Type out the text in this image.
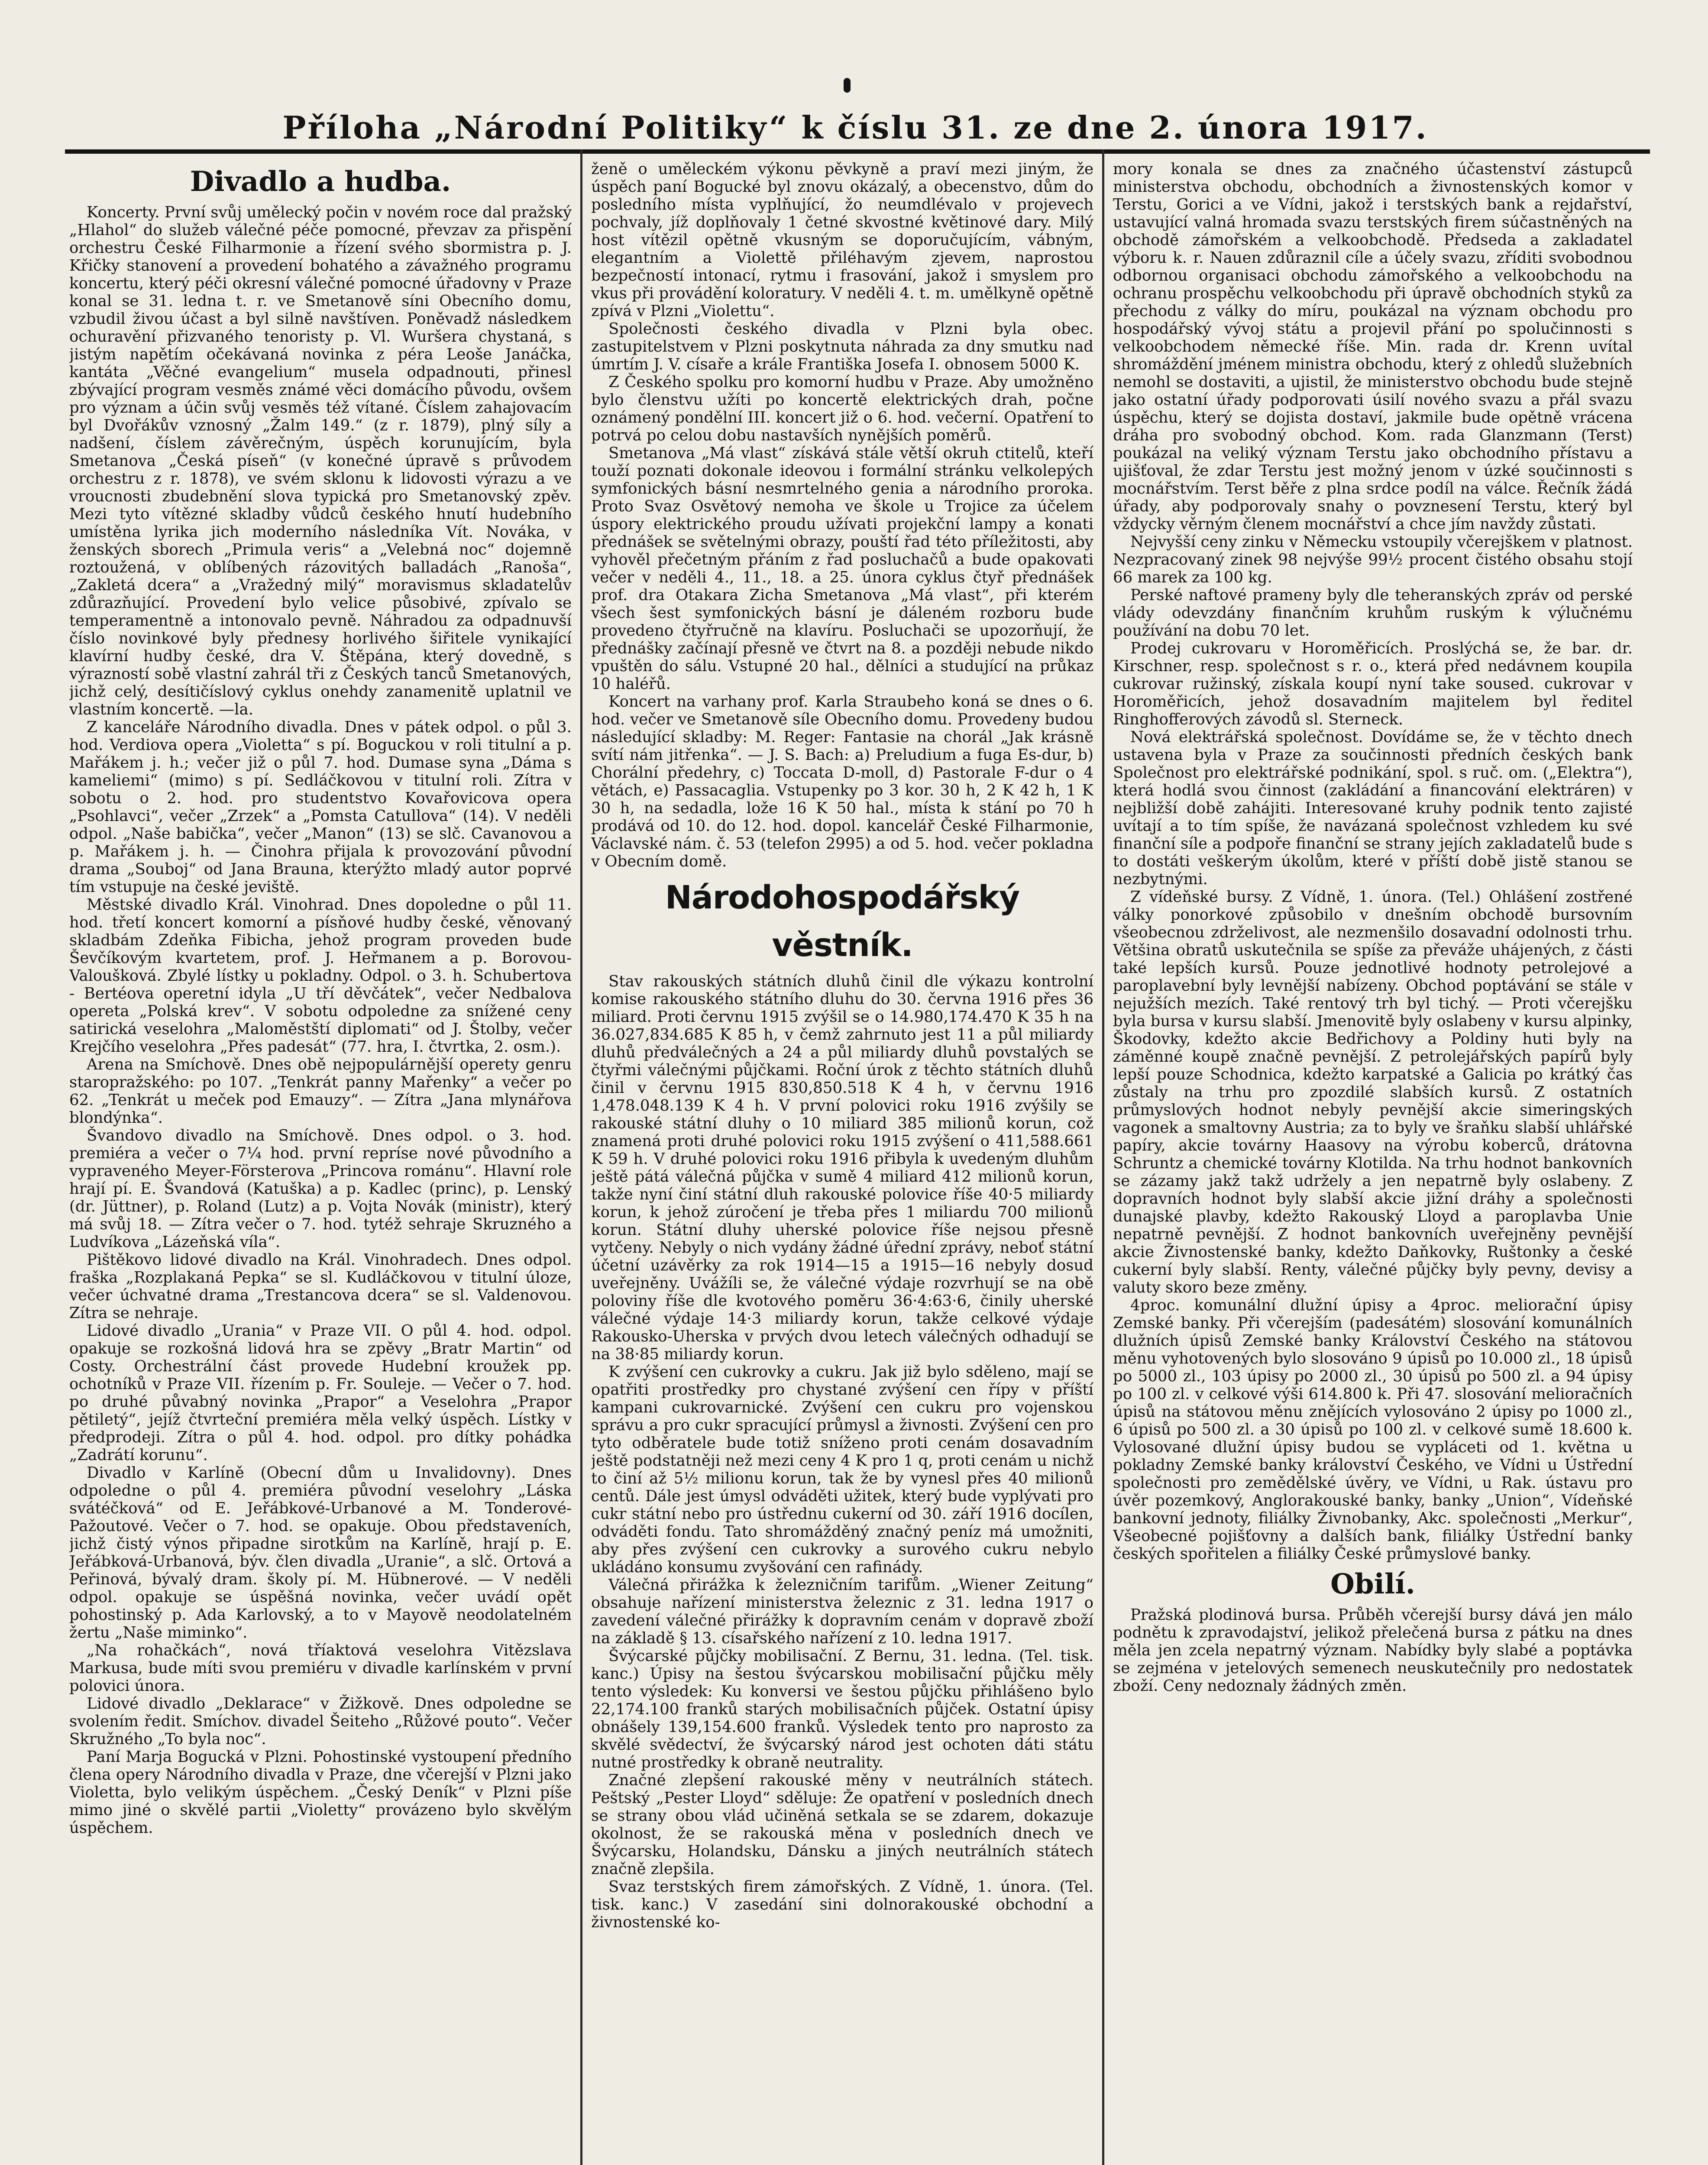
Příloha „Národní Politiky“ k číslu 31. ze dne 2. února 1917.
Divadlo a hudba.

Koncerty. První svůj umělecký počin v novém roce dal pražský „Hlahol“ do služeb válečné péče pomocné, převzav za přispění orchestru České Filharmonie a řízení svého sbormistra p. J. Křičky stanovení a provedení bohatého a závažného programu koncertu, který péči okresní válečné pomocné úřadovny v Praze konal se 31. ledna t. r. ve Smetanově síni Obecního domu, vzbudil živou účast a byl silně navštíven. Poněvadž následkem ochuravění přizvaného tenoristy p. Vl. Wuršera chystaná, s jistým napětím očekávaná novinka z péra Leoše Janáčka, kantáta „Věčné evangelium“ musela odpadnouti, přinesl zbývající program vesměs známé věci domácího původu, ovšem pro význam a účin svůj vesměs též vítané. Číslem zahajovacím byl Dvořákův vznosný „Žalm 149.“ (z r. 1879), plný síly a nadšení, číslem závěrečným, úspěch korunujícím, byla Smetanova „Česká píseň“ (v konečné úpravě s průvodem orchestru z r. 1878), ve svém sklonu k lidovosti výrazu a ve vroucnosti zbudebnění slova typická pro Smetanovský zpěv. Mezi tyto vítězné skladby vůdců českého hnutí hudebního umístěna lyrika jich moderního následníka Vít. Nováka, v ženských sborech „Primula veris“ a „Velebná noc“ dojemně roztoužená, v oblíbených rázovitých balladách „Ranoša“, „Zakletá dcera“ a „Vražedný milý“ moravismus skladatelův zdůrazňující. Provedení bylo velice působivé, zpívalo se temperamentně a intonovalo pevně. Náhradou za odpadnuvší číslo novinkové byly přednesy horlivého šiřitele vynikající klavírní hudby české, dra V. Štěpána, který dovedně, s výrazností sobě vlastní zahrál tři z Českých tanců Smetanových, jichž celý, desítičíslový cyklus onehdy zanamenitě uplatnil ve vlastním koncertě. —la.

Z kanceláře Národního divadla. Dnes v pátek odpol. o půl 3. hod. Verdiova opera „Violetta“ s pí. Boguckou v roli titulní a p. Mařákem j. h.; večer již o půl 7. hod. Dumase syna „Dáma s kameliemi“ (mimo) s pí. Sedláčkovou v titulní roli. Zítra v sobotu o 2. hod. pro studentstvo Kovařovicova opera „Psohlavci“, večer „Zrzek“ a „Pomsta Catullova“ (14). V neděli odpol. „Naše babička“, večer „Manon“ (13) se slč. Cavanovou a p. Mařákem j. h. — Činohra přijala k provozování původní drama „Souboj“ od Jana Brauna, kterýžto mladý autor poprvé tím vstupuje na české jeviště.

Městské divadlo Král. Vinohrad. Dnes dopoledne o půl 11. hod. třetí koncert komorní a písňové hudby české, věnovaný skladbám Zdeňka Fibicha, jehož program proveden bude Ševčíkovým kvartetem, prof. J. Heřmanem a p. Borovou-Valoušková. Zbylé lístky u pokladny. Odpol. o 3. h. Schubertova - Bertéova operetní idyla „U tří děvčátek“, večer Nedbalova opereta „Polská krev“. V sobotu odpoledne za snížené ceny satirická veselohra „Maloměstští diplomati“ od J. Štolby, večer Krejčího veselohra „Přes padesát“ (77. hra, I. čtvrtka, 2. osm.).

Arena na Smíchově. Dnes obě nejpopulárnější operety genru staropražského: po 107. „Tenkrát panny Mařenky“ a večer po 62. „Tenkrát u meček pod Emauzy“. — Zítra „Jana mlynářova blondýnka“.

Švandovo divadlo na Smíchově. Dnes odpol. o 3. hod. premiéra a večer o 7¼ hod. první repríse nové původního a vypraveného Meyer-Försterova „Princova románu“. Hlavní role hrají pí. E. Švandová (Katuška) a p. Kadlec (princ), p. Lenský (dr. Jüttner), p. Roland (Lutz) a p. Vojta Novák (ministr), který má svůj 18. — Zítra večer o 7. hod. tytéž sehraje Skruzného a Ludvíkova „Lázeňská víla“.

Pištěkovo lidové divadlo na Král. Vinohradech. Dnes odpol. fraška „Rozplakaná Pepka“ se sl. Kudláčkovou v titulní úloze, večer úchvatné drama „Trestancova dcera“ se sl. Valdenovou. Zítra se nehraje.

Lidové divadlo „Urania“ v Praze VII. O půl 4. hod. odpol. opakuje se rozkošná lidová hra se zpěvy „Bratr Martin“ od Costy. Orchestrální část provede Hudební kroužek pp. ochotníků v Praze VII. řízením p. Fr. Souleje. — Večer o 7. hod. po druhé půvabný novinka „Prapor“ a Veselohra „Prapor pětiletý“, jejíž čtvrteční premiéra měla velký úspěch. Lístky v předprodeji. Zítra o půl 4. hod. odpol. pro dítky pohádka „Zadrátí korunu“.

Divadlo v Karlíně (Obecní dům u Invalidovny). Dnes odpoledne o půl 4. premiéra původní veselohry „Láska svátéčková“ od E. Jeřábkové-Urbanové a M. Tonderové-Pažoutové. Večer o 7. hod. se opakuje. Obou představeních, jichž čistý výnos připadne sirotkům na Karlíně, hrají p. E. Jeřábková-Urbanová, býv. člen divadla „Uranie“, a slč. Ortová a Peřinová, bývalý dram. školy pí. M. Hübnerové. — V neděli odpol. opakuje se úspěšná novinka, večer uvádí opět pohostinský p. Ada Karlovský, a to v Mayově neodolatelném žertu „Naše miminko“.

„Na rohačkách“, nová tříaktová veselohra Vitězslava Markusa, bude míti svou premiéru v divadle karlínském v první polovici února.

Lidové divadlo „Deklarace“ v Žižkově. Dnes odpoledne se svolením ředit. Smíchov. divadel Šeiteho „Růžové pouto“. Večer Skružného „To byla noc“.

Paní Marja Bogucká v Plzni. Pohostinské vystoupení předního člena opery Národního divadla v Praze, dne včerejší v Plzni jako Violetta, bylo velikým úspěchem. „Český Deník“ v Plzni píše mimo jiné o skvělé partii „Violetty“ provázeno bylo skvělým úspěchem.

ženě o uměleckém výkonu pěvkyně a praví mezi jiným, že úspěch paní Bogucké byl znovu okázalý, a obecenstvo, dům do posledního místa vyplňující, žo neumdlévalo v projevech pochvaly, jíž doplňovaly 1 četné skvostné květinové dary. Milý host vítězil opětně vkusným se doporučujícím, vábným, elegantním a Violettě přiléhavým zjevem, naprostou bezpečností intonací, rytmu i frasování, jakož i smyslem pro vkus při provádění koloratury. V neděli 4. t. m. umělkyně opětně zpívá v Plzni „Violettu“.

Společnosti českého divadla v Plzni byla obec. zastupitelstvem v Plzni poskytnuta náhrada za dny smutku nad úmrtím J. V. císaře a krále Františka Josefa I. obnosem 5000 K.

Z Českého spolku pro komorní hudbu v Praze. Aby umožněno bylo členstvu užíti po koncertě elektrických drah, počne oznámený pondělní III. koncert již o 6. hod. večerní. Opatření to potrvá po celou dobu nastavších nynějších poměrů.

Smetanova „Má vlast“ získává stále větší okruh ctitelů, kteří touží poznati dokonale ideovou i formální stránku velkolepých symfonických básní nesmrtelného genia a národního proroka. Proto Svaz Osvětový nemoha ve škole u Trojice za účelem úspory elektrického proudu užívati projekční lampy a konati přednášek se světelnými obrazy, pouští řad této příležitosti, aby vyhověl přečetným přáním z řad posluchačů a bude opakovati večer v neděli 4., 11., 18. a 25. února cyklus čtyř přednášek prof. dra Otakara Zicha Smetanova „Má vlast“, při kterém všech šest symfonických básní je dáleném rozboru bude provedeno čtyřručně na klavíru. Posluchači se upozorňují, že přednášky začínají přesně ve čtvrt na 8. a později nebude nikdo vpuštěn do sálu. Vstupné 20 hal., dělníci a studující na průkaz 10 haléřů.

Koncert na varhany prof. Karla Straubeho koná se dnes o 6. hod. večer ve Smetanově síle Obecního domu. Provedeny budou následující skladby: M. Reger: Fantasie na chorál „Jak krásně svítí nám jitřenka“. — J. S. Bach: a) Preludium a fuga Es-dur, b) Chorální předehry, c) Toccata D-moll, d) Pastorale F-dur o 4 větách, e) Passacaglia. Vstupenky po 3 kor. 30 h, 2 K 42 h, 1 K 30 h, na sedadla, lože 16 K 50 hal., místa k stání po 70 h prodává od 10. do 12. hod. dopol. kancelář České Filharmonie, Václavské nám. č. 53 (telefon 2995) a od 5. hod. večer pokladna v Obecním domě.

Národohospodářský věstník.

Stav rakouských státních dluhů činil dle výkazu kontrolní komise rakouského státního dluhu do 30. června 1916 přes 36 miliard. Proti červnu 1915 zvýšil se o 14.980,174.470 K 35 h na 36.027,834.685 K 85 h, v čemž zahrnuto jest 11 a půl miliardy dluhů předválečných a 24 a půl miliardy dluhů povstalých se čtyřmi válečnými půjčkami. Roční úrok z těchto státních dluhů činil v červnu 1915 830,850.518 K 4 h, v červnu 1916 1,478.048.139 K 4 h. V první polovici roku 1916 zvýšily se rakouské státní dluhy o 10 miliard 385 milionů korun, což znamená proti druhé polovici roku 1915 zvýšení o 411,588.661 K 59 h. V druhé polovici roku 1916 přibyla k uvedeným dluhům ještě pátá válečná půjčka v sumě 4 miliard 412 milionů korun, takže nyní činí státní dluh rakouské polovice říše 40·5 miliardy korun, k jehož zúročení je třeba přes 1 miliardu 700 milionů korun. Státní dluhy uherské polovice říše nejsou přesně vytčeny. Nebyly o nich vydány žádné úřední zprávy, neboť státní účetní uzávěrky za rok 1914—15 a 1915—16 nebyly dosud uveřejněny. Uvážíli se, že válečné výdaje rozvrhují se na obě poloviny říše dle kvotového poměru 36·4:63·6, činily uherské válečné výdaje 14·3 miliardy korun, takže celkové výdaje Rakousko-Uherska v prvých dvou letech válečných odhadují se na 38·85 miliardy korun.

K zvýšení cen cukrovky a cukru. Jak již bylo sděleno, mají se opatřiti prostředky pro chystané zvýšení cen řípy v příští kampani cukrovarnické. Zvýšení cen cukru pro vojenskou správu a pro cukr spracující průmysl a živnosti. Zvýšení cen pro tyto odběratele bude totiž sníženo proti cenám dosavadním ještě podstatněji než mezi ceny 4 K pro 1 q, proti cenám u nichž to činí až 5½ milionu korun, tak že by vynesl přes 40 milionů centů. Dále jest úmysl odváděti užitek, který bude vyplývati pro cukr státní nebo pro ústřednu cukerní od 30. září 1916 docílen, odváděti fondu. Tato shromážděný značný peníz má umožniti, aby přes zvýšení cen cukrovky a surového cukru nebylo ukládáno konsumu zvyšování cen rafinády.

Válečná přirážka k železničním tarifům. „Wiener Zeitung“ obsahuje nařízení ministerstva železnic z 31. ledna 1917 o zavedení válečné přirážky k dopravním cenám v dopravě zboží na základě § 13. císařského nařízení z 10. ledna 1917.

Švýcarské půjčky mobilisační. Z Bernu, 31. ledna. (Tel. tisk. kanc.) Úpisy na šestou švýcarskou mobilisační půjčku měly tento výsledek: Ku konversi ve šestou půjčku přihlášeno bylo 22,174.100 franků starých mobilisačních půjček. Ostatní úpisy obnášely 139,154.600 franků. Výsledek tento pro naprosto za skvělé svědectví, že švýcarský národ jest ochoten dáti státu nutné prostředky k obraně neutrality.

Značné zlepšení rakouské měny v neutrálních státech. Peštský „Pester Lloyd“ sděluje: Že opatření v posledních dnech se strany obou vlád učiněná setkala se se zdarem, dokazuje okolnost, že se rakouská měna v posledních dnech ve Švýcarsku, Holandsku, Dánsku a jiných neutrálních státech značně zlepšila.

Svaz terstských firem zámořských. Z Vídně, 1. února. (Tel. tisk. kanc.) V zasedání sini dolnorakouské obchodní a živnostenské ko-

mory konala se dnes za značného účastenství zástupců ministerstva obchodu, obchodních a živnostenských komor v Terstu, Gorici a ve Vídni, jakož i terstských bank a rejdařství, ustavující valná hromada svazu terstských firem súčastněných na obchodě zámořském a velkoobchodě. Předseda a zakladatel výboru k. r. Nauen zdůraznil cíle a účely svazu, zříditi svobodnou odbornou organisaci obchodu zámořského a velkoobchodu na ochranu prospěchu velkoobchodu při úpravě obchodních styků za přechodu z války do míru, poukázal na význam obchodu pro hospodářský vývoj státu a projevil přání po spolučinnosti s velkoobchodem německé říše. Min. rada dr. Krenn uvítal shromáždění jménem ministra obchodu, který z ohledů služebních nemohl se dostaviti, a ujistil, že ministerstvo obchodu bude stejně jako ostatní úřady podporovati úsilí nového svazu a přál svazu úspěchu, který se dojista dostaví, jakmile bude opětně vrácena dráha pro svobodný obchod. Kom. rada Glanzmann (Terst) poukázal na veliký význam Terstu jako obchodního přístavu a ujišťoval, že zdar Terstu jest možný jenom v úzké součinnosti s mocnářstvím. Terst běře z plna srdce podíl na válce. Řečník žádá úřady, aby podporovaly snahy o povznesení Terstu, který byl vždycky věrným členem mocnářství a chce jím navždy zůstati.

Nejvyšší ceny zinku v Německu vstoupily včerejškem v platnost. Nezpracovaný zinek 98 nejvýše 99½ procent čistého obsahu stojí 66 marek za 100 kg.

Perské naftové prameny byly dle teheranských zpráv od perské vlády odevzdány finančním kruhům ruským k výlučnému používání na dobu 70 let.

Prodej cukrovaru v Horoměřicích. Proslýchá se, že bar. dr. Kirschner, resp. společnost s r. o., která před nedávnem koupila cukrovar ružinský, získala koupí nyní take soused. cukrovar v Horoměřicích, jehož dosavadním majitelem byl ředitel Ringhofferových závodů sl. Sterneck.

Nová elektrářská společnost. Dovídáme se, že v těchto dnech ustavena byla v Praze za součinnosti předních českých bank Společnost pro elektrářské podnikání, spol. s ruč. om. („Elektra“), která hodlá svou činnost (zakládání a financování elektráren) v nejbližší době zahájiti. Interesované kruhy podnik tento zajisté uvítají a to tím spíše, že navázaná společnost vzhledem ku své finanční síle a podpoře finanční se strany jejích zakladatelů bude s to dostáti veškerým úkolům, které v příští době jistě stanou se nezbytnými.

Z vídeňské bursy. Z Vídně, 1. února. (Tel.) Ohlášení zostřené války ponorkové způsobilo v dnešním obchodě bursovním všeobecnou zdrželivost, ale nezmenšilo dosavadní odolnosti trhu. Většina obratů uskutečnila se spíše za převáže uhájených, z části také lepších kursů. Pouze jednotlivé hodnoty petrolejové a paroplavební byly levnější nabízeny. Obchod poptávání se stále v nejužších mezích. Také rentový trh byl tichý. — Proti včerejšku byla bursa v kursu slabší. Jmenovitě byly oslabeny v kursu alpinky, Škodovky, kdežto akcie Bedřichovy a Poldiny huti byly na záměnné koupě značně pevnější. Z petrolejářských papírů byly lepší pouze Schodnica, kdežto karpatské a Galicia po krátký čas zůstaly na trhu pro zpozdilé slabších kursů. Z ostatních průmyslových hodnot nebyly pevnější akcie simeringských vagonek a smaltovny Austria; za to byly ve šraňku slabší uhlářské papíry, akcie továrny Haasovy na výrobu koberců, drátovna Schruntz a chemické továrny Klotilda. Na trhu hodnot bankovních se zázamy jakž takž udržely a jen nepatrně byly oslabeny. Z dopravních hodnot byly slabší akcie jižní dráhy a společnosti dunajské plavby, kdežto Rakouský Lloyd a paroplavba Unie nepatrně pevnější. Z hodnot bankovních uveřejněny pevnější akcie Živnostenské banky, kdežto Daňkovky, Ruštonky a české cukerní byly slabší. Renty, válečné půjčky byly pevny, devisy a valuty skoro beze změny.

4proc. komunální dlužní úpisy a 4proc. meliorační úpisy Zemské banky. Při včerejším (padesátém) slosování komunálních dlužních úpisů Zemské banky Království Českého na státovou měnu vyhotovených bylo slosováno 9 úpisů po 10.000 zl., 18 úpisů po 5000 zl., 103 úpisy po 2000 zl., 30 úpisů po 500 zl. a 94 úpisy po 100 zl. v celkové výši 614.800 k. Při 47. slosování melioračních úpisů na státovou měnu znějících vylosováno 2 úpisy po 1000 zl., 6 úpisů po 500 zl. a 30 úpisů po 100 zl. v celkové sumě 18.600 k. Vylosované dlužní úpisy budou se vypláceti od 1. května u pokladny Zemské banky království Českého, ve Vídni u Ústřední společnosti pro zemědělské úvěry, ve Vídni, u Rak. ústavu pro úvěr pozemkový, Anglorakouské banky, banky „Union“, Vídeňské bankovní jednoty, filiálky Živnobanky, Akc. společnosti „Merkur“, Všeobecné pojišťovny a dalších bank, filiálky Ústřední banky českých spořitelen a filiálky České průmyslové banky.

Obilí.

Pražská plodinová bursa. Průběh včerejší bursy dává jen málo podnětu k zpravodajství, jelikož přelečená bursa z pátku na dnes měla jen zcela nepatrný význam. Nabídky byly slabé a poptávka se zejména v jetelových semenech neuskutečnily pro nedostatek zboží. Ceny nedoznaly žádných změn.
